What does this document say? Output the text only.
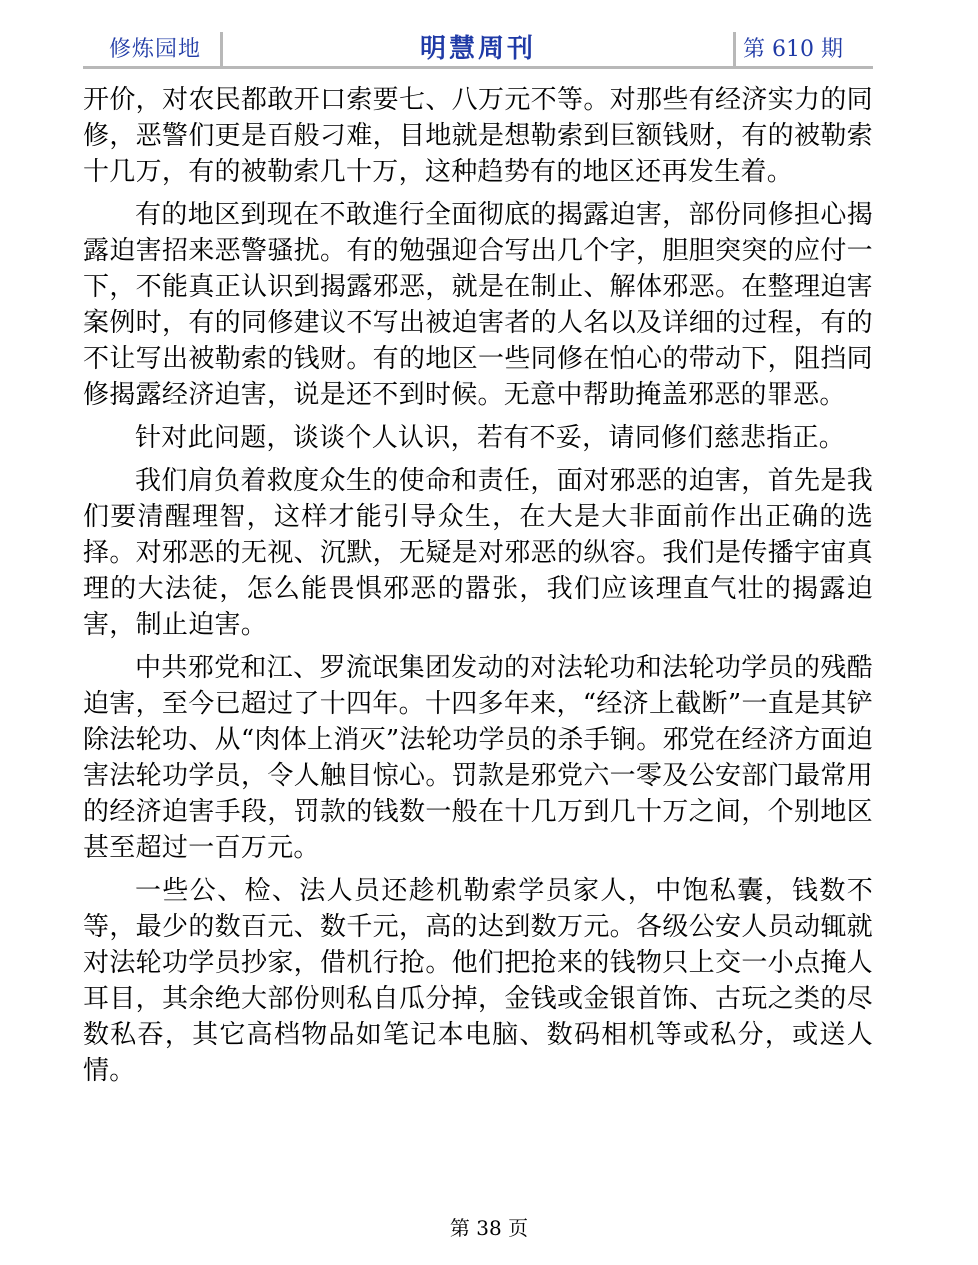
修炼园地	明慧周刊	第 610 期

开价，对农民都敢开口索要七、八万元不等。对那些有经济实力的同修，恶警们更是百般刁难，目地就是想勒索到巨额钱财，有的被勒索十几万，有的被勒索几十万，这种趋势有的地区还再发生着。

有的地区到现在不敢進行全面彻底的揭露迫害，部份同修担心揭露迫害招来恶警骚扰。有的勉强迎合写出几个字，胆胆突突的应付一下，不能真正认识到揭露邪恶，就是在制止、解体邪恶。在整理迫害案例时，有的同修建议不写出被迫害者的人名以及详细的过程，有的不让写出被勒索的钱财。有的地区一些同修在怕心的带动下，阻挡同修揭露经济迫害，说是还不到时候。无意中帮助掩盖邪恶的罪恶。

针对此问题，谈谈个人认识，若有不妥，请同修们慈悲指正。

我们肩负着救度众生的使命和责任，面对邪恶的迫害，首先是我们要清醒理智，这样才能引导众生，在大是大非面前作出正确的选择。对邪恶的无视、沉默，无疑是对邪恶的纵容。我们是传播宇宙真理的大法徒，怎么能畏惧邪恶的嚣张，我们应该理直气壮的揭露迫害，制止迫害。

中共邪党和江、罗流氓集团发动的对法轮功和法轮功学员的残酷迫害，至今已超过了十四年。十四多年来，“经济上截断”一直是其铲除法轮功、从“肉体上消灭”法轮功学员的杀手锏。邪党在经济方面迫害法轮功学员，令人触目惊心。罚款是邪党六一零及公安部门最常用的经济迫害手段，罚款的钱数一般在十几万到几十万之间，个别地区甚至超过一百万元。

一些公、检、法人员还趁机勒索学员家人，中饱私囊，钱数不等，最少的数百元、数千元，高的达到数万元。各级公安人员动辄就对法轮功学员抄家，借机行抢。他们把抢来的钱物只上交一小点掩人耳目，其余绝大部份则私自瓜分掉，金钱或金银首饰、古玩之类的尽数私吞，其它高档物品如笔记本电脑、数码相机等或私分，或送人情。

第 38 页
